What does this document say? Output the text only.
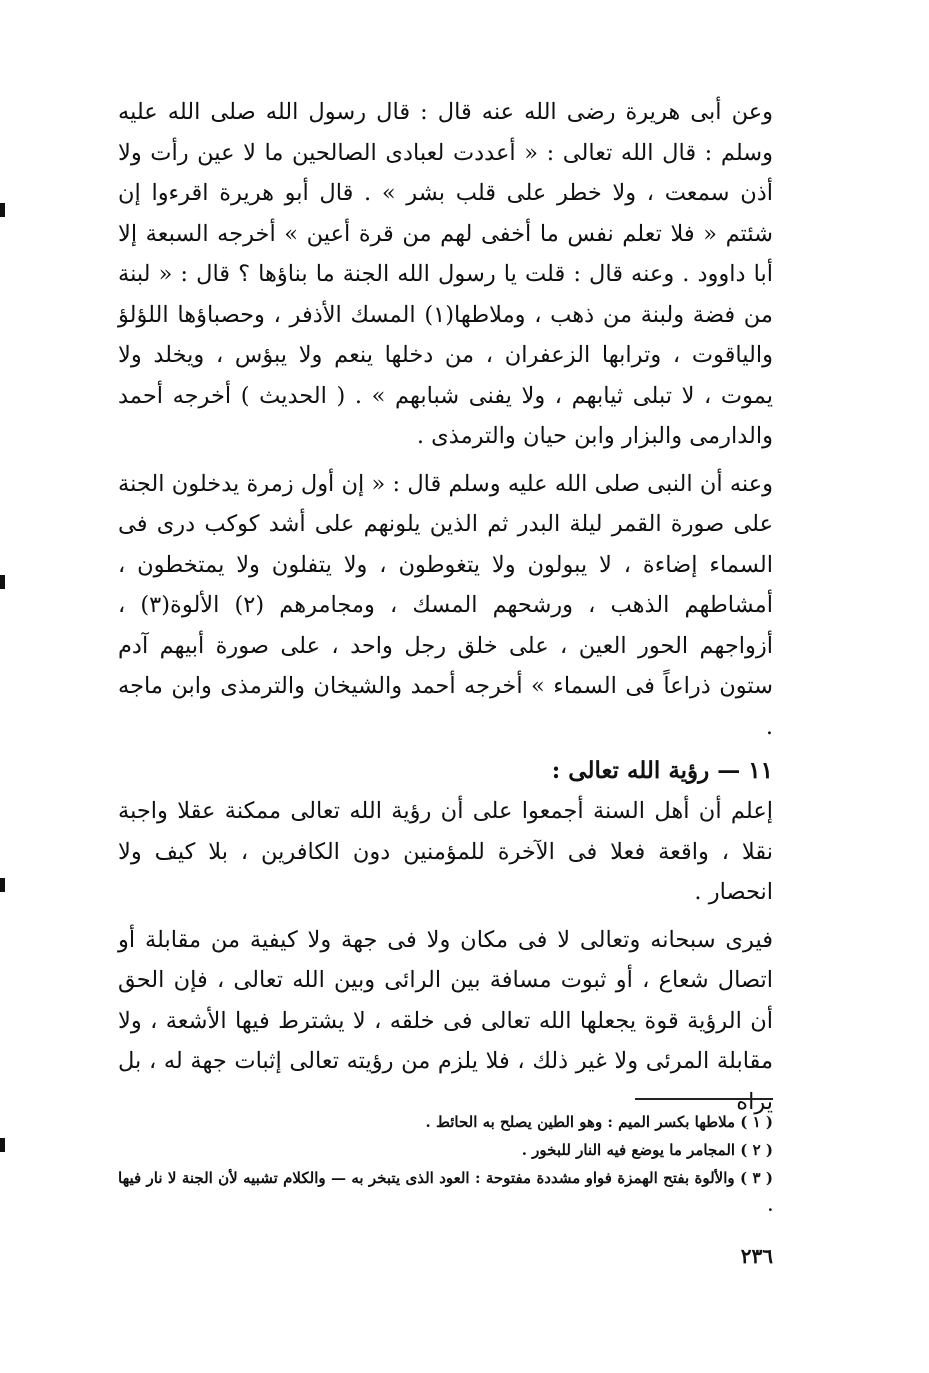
وعن أبى هريرة رضى الله عنه قال : قال رسول الله صلى الله عليه وسلم : قال الله تعالى : « أعددت لعبادى الصالحين ما لا عين رأت ولا أذن سمعت ، ولا خطر على قلب بشر » . قال أبو هريرة اقرءوا إن شئتم « فلا تعلم نفس ما أخفى لهم من قرة أعين » أخرجه السبعة إلا أبا داوود . وعنه قال : قلت يا رسول الله الجنة ما بناؤها ؟ قال : « لبنة من فضة ولبنة من ذهب ، وملاطها(١) المسك الأذفر ، وحصباؤها اللؤلؤ والياقوت ، وترابها الزعفران ، من دخلها ينعم ولا يبؤس ، ويخلد ولا يموت ، لا تبلى ثيابهم ، ولا يفنى شبابهم » . ( الحديث ) أخرجه أحمد والدارمى والبزار وابن حيان والترمذى .

وعنه أن النبى صلى الله عليه وسلم قال : « إن أول زمرة يدخلون الجنة على صورة القمر ليلة البدر ثم الذين يلونهم على أشد كوكب درى فى السماء إضاءة ، لا يبولون ولا يتغوطون ، ولا يتفلون ولا يمتخطون ، أمشاطهم الذهب ، ورشحهم المسك ، ومجامرهم (٢) الألوة(٣) ، أزواجهم الحور العين ، على خلق رجل واحد ، على صورة أبيهم آدم ستون ذراعاً فى السماء » أخرجه أحمد والشيخان والترمذى وابن ماجه .

١١ — رؤية الله تعالى :

إعلم أن أهل السنة أجمعوا على أن رؤية الله تعالى ممكنة عقلا واجبة نقلا ، واقعة فعلا فى الآخرة للمؤمنين دون الكافرين ، بلا كيف ولا انحصار .

فيرى سبحانه وتعالى لا فى مكان ولا فى جهة ولا كيفية من مقابلة أو اتصال شعاع ، أو ثبوت مسافة بين الرائى وبين الله تعالى ، فإن الحق أن الرؤية قوة يجعلها الله تعالى فى خلقه ، لا يشترط فيها الأشعة ، ولا مقابلة المرئى ولا غير ذلك ، فلا يلزم من رؤيته تعالى إثبات جهة له ، بل يراه

( ١ ) ملاطها بكسر الميم : وهو الطين يصلح به الحائط .

( ٢ ) المجامر ما يوضع فيه النار للبخور .

( ٣ ) والألوة بفتح الهمزة فواو مشددة مفتوحة : العود الذى يتبخر به — والكلام تشبيه لأن الجنة لا نار فيها .

٢٣٦
